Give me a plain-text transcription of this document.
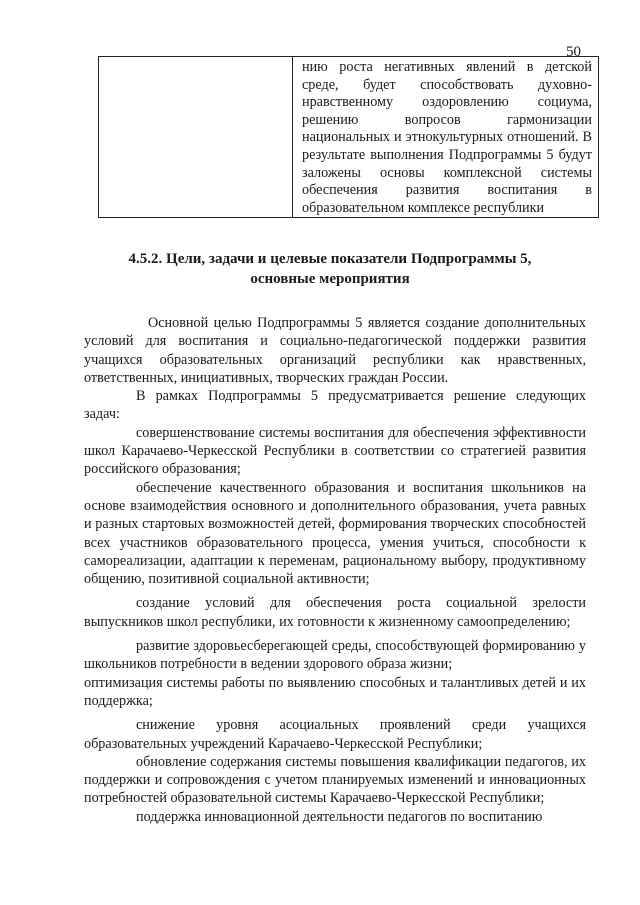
50
	нию роста негативных явлений в детской среде, будет способствовать духовно-нравственному оздоровлению социума, решению вопросов гармонизации национальных и этнокультурных отношений. В результате выполнения Подпрограммы 5 будут заложены основы комплексной системы обеспечения развития воспитания в образовательном комплексе республики
4.5.2. Цели, задачи и целевые показатели Подпрограммы 5,
основные мероприятия

Основной целью Подпрограммы 5 является создание дополнительных условий для воспитания и социально-педагогической поддержки развития учащихся образовательных организаций республики как нравственных, ответственных, инициативных, творческих граждан России.

В рамках Подпрограммы 5 предусматривается решение следующих задач:

совершенствование системы воспитания для обеспечения эффективности школ Карачаево-Черкесской Республики в соответствии со стратегией развития российского образования;

обеспечение качественного образования и воспитания школьников на основе взаимодействия основного и дополнительного образования, учета равных и разных стартовых возможностей детей, формирования творческих способностей всех участников образовательного процесса, умения учиться, способности к самореализации, адаптации к переменам, рациональному выбору, продуктивному общению, позитивной социальной активности;

создание условий для обеспечения роста социальной зрелости выпускников школ республики, их готовности к жизненному самоопределению;

развитие здоровьесберегающей среды, способствующей формированию у школьников потребности в ведении здорового образа жизни;

оптимизация системы работы по выявлению способных и талантливых детей и их поддержка;

снижение уровня асоциальных проявлений среди учащихся образовательных учреждений Карачаево-Черкесской Республики;

обновление содержания системы повышения квалификации педагогов, их поддержки и сопровождения с учетом планируемых изменений и инновационных потребностей образовательной системы Карачаево-Черкесской Республики;

поддержка инновационной деятельности педагогов по воспитанию
